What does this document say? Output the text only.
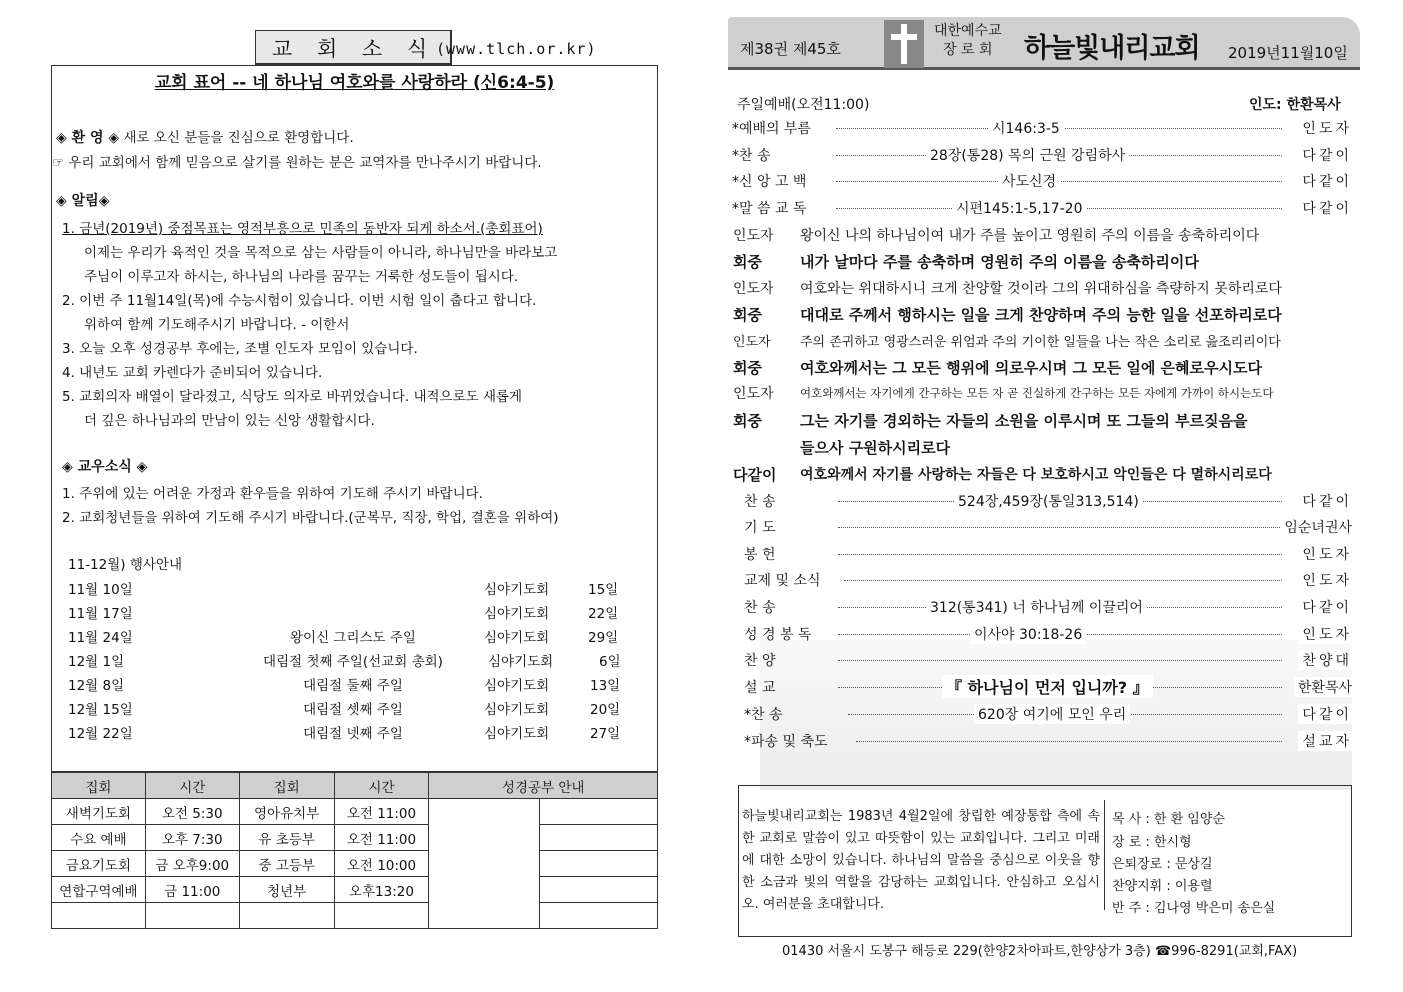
교 회 소 식 (www.tlch.or.kr)
교회 표어 -- 네 하나님 여호와를 사랑하라 (신6:4-5)
◈ 환 영 ◈ 새로 오신 분들을 진심으로 환영합니다.
☞ 우리 교회에서 함께 믿음으로 살기를 원하는 분은 교역자를 만나주시기 바랍니다.
◈ 알림◈
1. 금년(2019년) 중점목표는 영적부흥으로 민족의 동반자 되게 하소서.(총회표어)
이제는 우리가 육적인 것을 목적으로 삼는 사람들이 아니라, 하나님만을 바라보고
주님이 이루고자 하시는, 하나님의 나라를 꿈꾸는 거룩한 성도들이 됩시다.
2. 이번 주 11월14일(목)에 수능시험이 있습니다. 이번 시험 일이 춥다고 합니다.
위하여 함께 기도해주시기 바랍니다. - 이한서
3. 오늘 오후 성경공부 후에는, 조별 인도자 모임이 있습니다.
4. 내년도 교회 카렌다가 준비되어 있습니다.
5. 교회의자 배열이 달라졌고, 식당도 의자로 바뀌었습니다. 내적으로도 새롭게
더 깊은 하나님과의 만남이 있는 신앙 생활합시다.
◈ 교우소식 ◈
1. 주위에 있는 어려운 가정과 환우들을 위하여 기도해 주시기 바랍니다.
2. 교회청년들을 위하여 기도해 주시기 바랍니다.(군복무, 직장, 학업, 결혼을 위하여)
11-12월) 행사안내
11월 10일	심야기도회	15일
11월 17일	심야기도회	22일
11월 24일	왕이신 그리스도 주일	심야기도회	29일
12월 1일	대림절 첫째 주일(선교회 총회)	심야기도회	6일
12월 8일	대림절 둘째 주일	심야기도회	13일
12월 15일	대림절 셋째 주일	심야기도회	20일
12월 22일	대림절 넷째 주일	심야기도회	27일
집회	시간	집회	시간	성경공부 안내	
새벽기도회	오전 5:30	영아유치부	오전 11:00		
수요 예배	오후 7:30	유 초등부	오전 11:00		
금요기도회	금 오후9:00	중 고등부	오전 10:00		
연합구역예배	금 11:00	청년부	오후13:20		

제38권 제45호
대한예수교
장 로 회	하늘빛내리교회 2019년11월10일
주일예배(오전11:00)	인도: 한환목사
*예배의 부름	시146:3-5	인도자
*찬 송	28장(통28) 목의 근원 강림하사	다같이
*신 앙 고 백	사도신경	다같이
*말 씀 교 독	시편145:1-5,17-20	다같이
인도자 왕이신 나의 하나님이여 내가 주를 높이고 영원히 주의 이름을 송축하리이다
회중	내가 날마다 주를 송축하며 영원히 주의 이름을 송축하리이다
인도자 여호와는 위대하시니 크게 찬양할 것이라 그의 위대하심을 측량하지 못하리로다
회중	대대로 주께서 행하시는 일을 크게 찬양하며 주의 능한 일을 선포하리로다
인도자 주의 존귀하고 영광스러운 위엄과 주의 기이한 일들을 나는 작은 소리로 읊조리리이다
회중	여호와께서는 그 모든 행위에 의로우시며 그 모든 일에 은혜로우시도다
인도자 여호와께서는 자기에게 간구하는 모든 자 곧 진실하게 간구하는 모든 자에게 가까이 하시는도다
회중	그는 자기를 경외하는 자들의 소원을 이루시며 또 그들의 부르짖음을
들으사 구원하시리로다
다같이 여호와께서 자기를 사랑하는 자들은 다 보호하시고 악인들은 다 멸하시리로다
찬 송	524장,459장(통일313,514)	다같이
기 도	임순녀권사
봉 헌	인도자
교제 및 소식	인도자
찬 송	312(통341) 너 하나님께 이끌리어	다같이
성 경 봉 독	이사야 30:18-26	인도자
찬 양	찬양대
설 교	『 하나님이 먼저 입니까? 』	한환목사
*찬 송	620장 여기에 모인 우리	다같이
*파송 및 축도	설교자
하늘빛내리교회는 1983년 4월2일에 창립한 예장통합 측에 속한 교회로 말씀이 있고 따뜻함이 있는 교회입니다. 그리고 미래에 대한 소망이 있습니다. 하나님의 말씀을 중심으로 이웃을 향한 소금과 빛의 역할을 감당하는 교회입니다. 안심하고 오십시오. 여러분을 초대합니다.
목 사 : 한 환 임양순
장 로 : 한시형
은퇴장로 : 문상길
찬양지휘 : 이용렬
반 주 : 김나영 박은미 송은실
01430 서울시 도봉구 해등로 229(한양2차아파트,한양상가 3층) ☎996-8291(교회,FAX)
